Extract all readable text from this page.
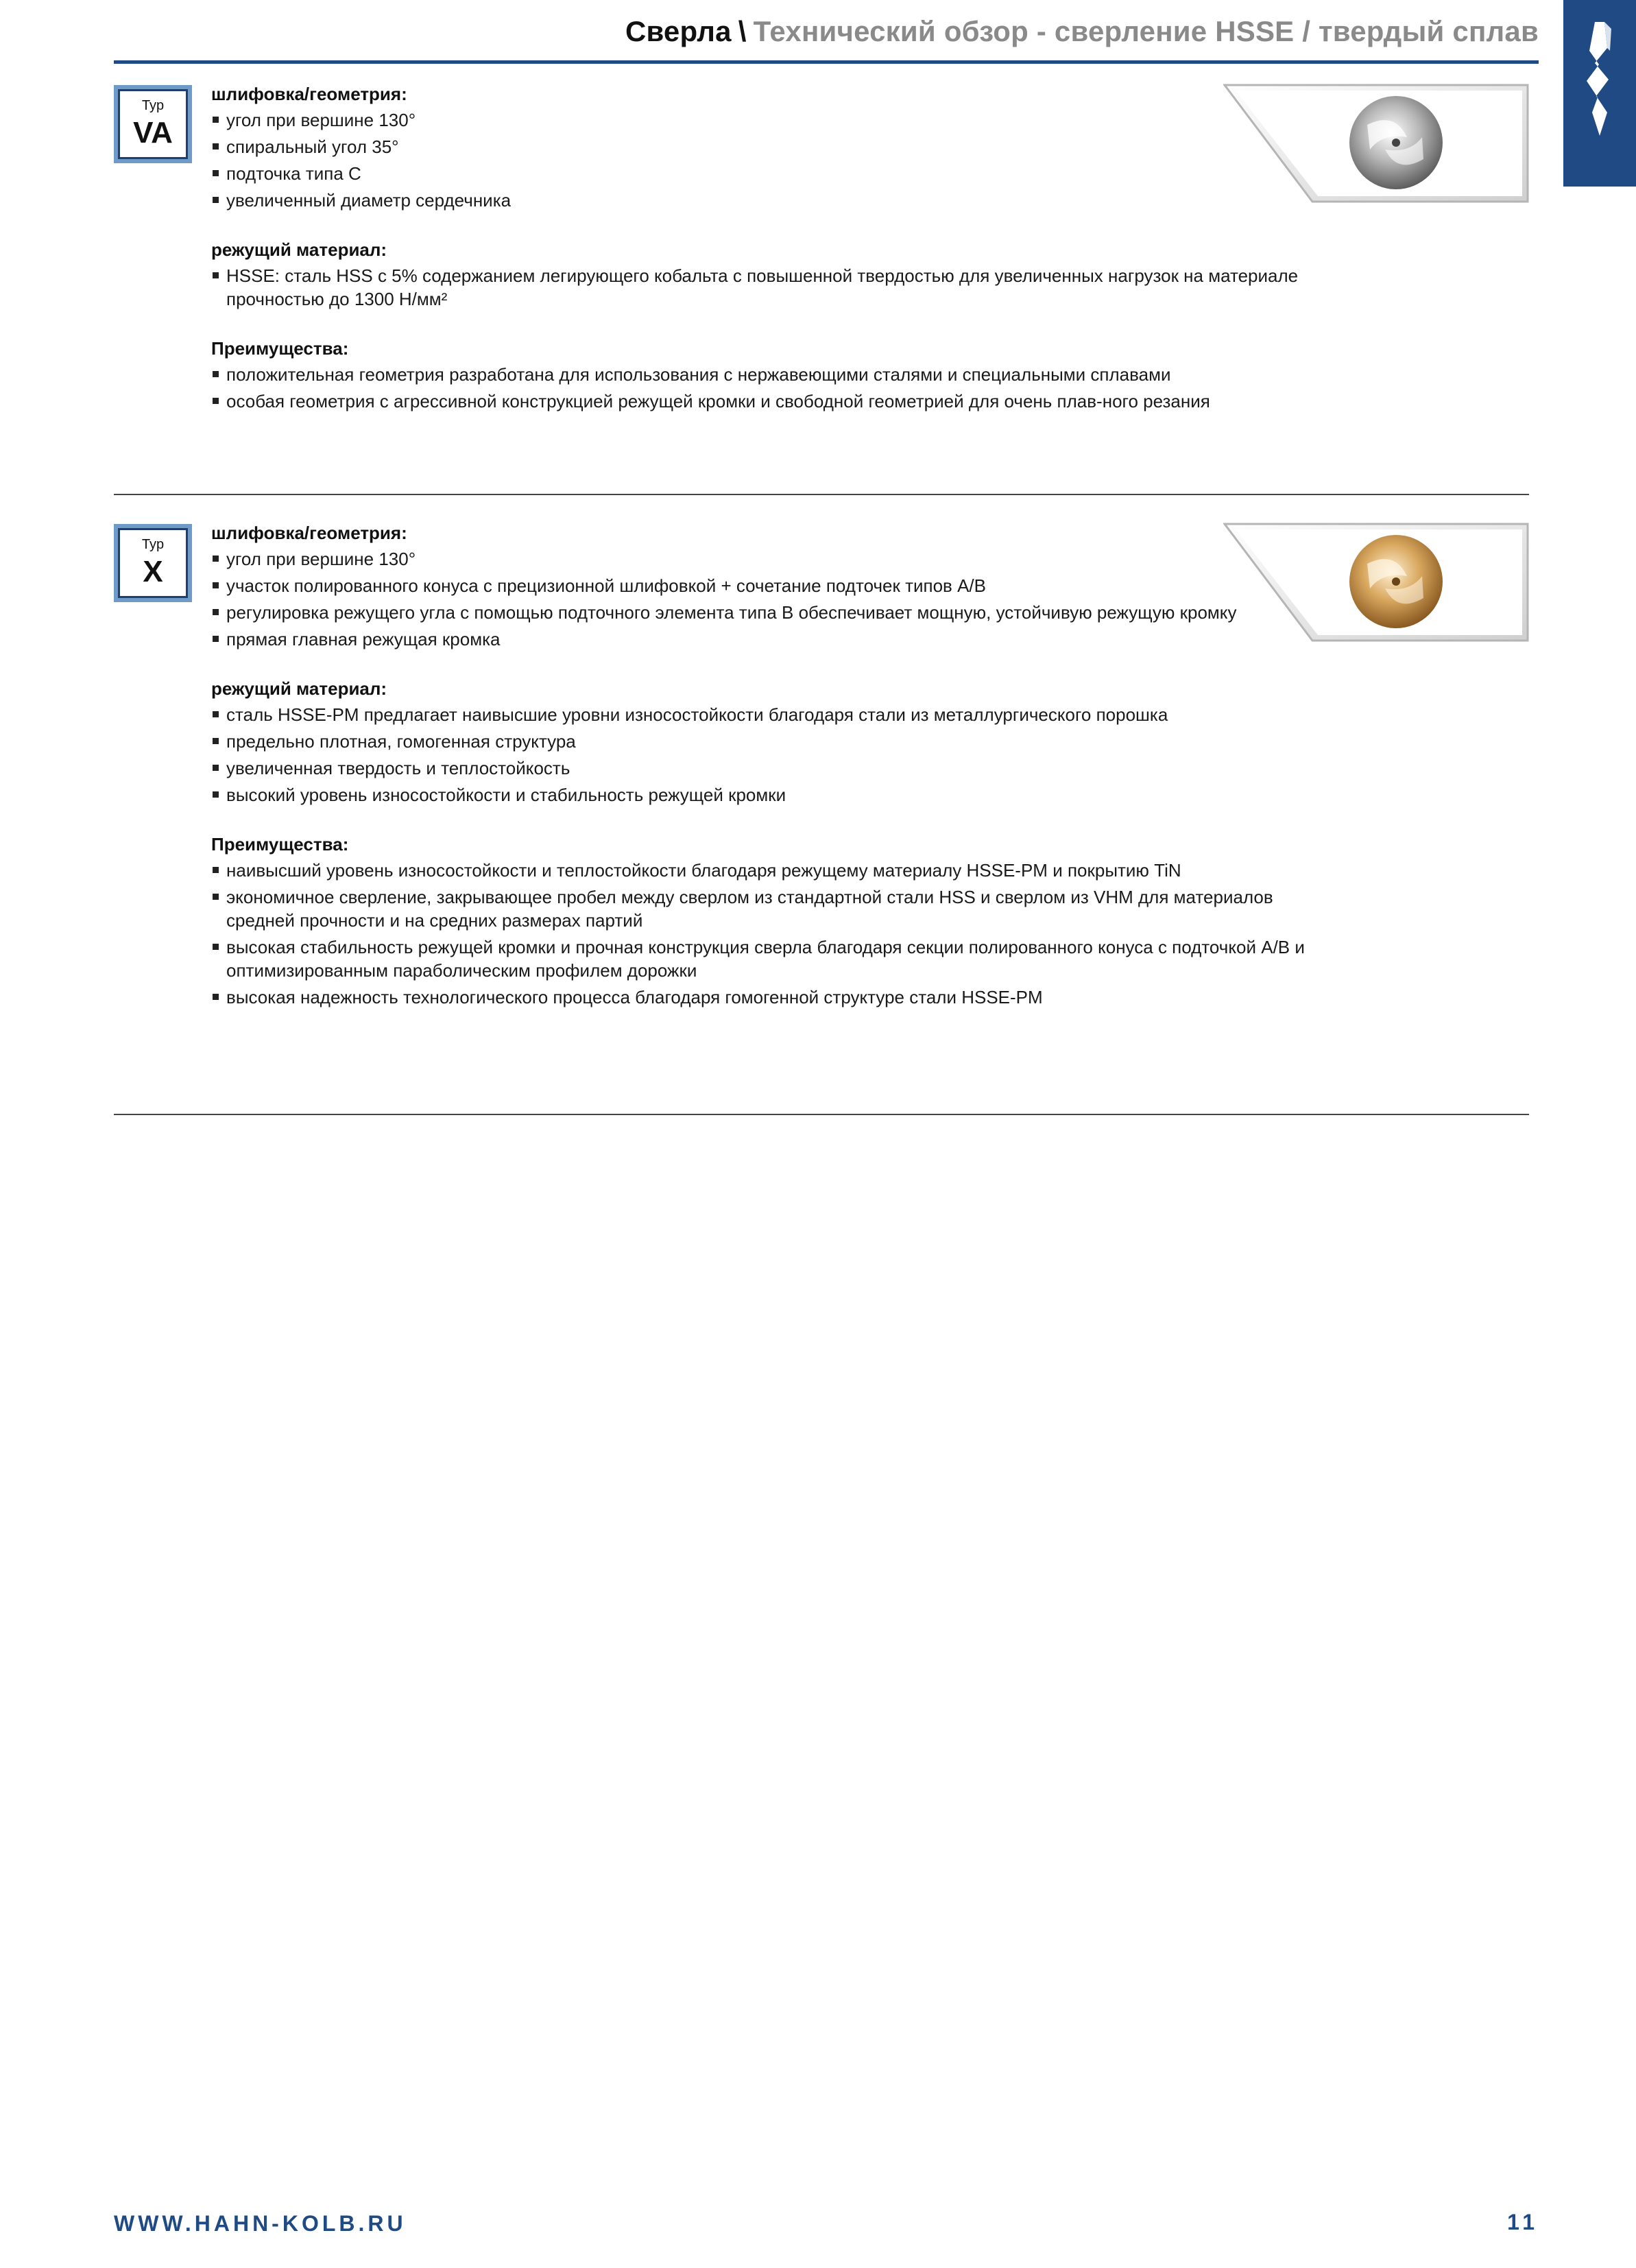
Сверла \ Технический обзор - сверление HSSE / твердый сплав
Typ
VA
шлифовка/геометрия:
угол при вершине 130°
спиральный угол 35°
подточка типа С
увеличенный диаметр сердечника
режущий материал:
HSSE: сталь HSS с 5% содержанием легирующего кобальта с повышенной твердостью для увеличенных нагрузок на материале прочностью до 1300 Н/мм²
Преимущества:
положительная геометрия разработана для использования с нержавеющими сталями и специальными сплавами
особая геометрия с агрессивной конструкцией режущей кромки и свободной геометрией для очень плав-ного резания
Typ
X
шлифовка/геометрия:
угол при вершине 130°
участок полированного конуса с прецизионной шлифовкой + сочетание подточек типов A/B
регулировка режущего угла с помощью подточного элемента типа B обеспечивает мощную, устойчивую режущую кромку
прямая главная режущая кромка
режущий материал:
сталь HSSE-PM предлагает наивысшие уровни износостойкости благодаря стали из металлургического порошка
предельно плотная, гомогенная структура
увеличенная твердость и теплостойкость
высокий уровень износостойкости и стабильность режущей кромки
Преимущества:
наивысший уровень износостойкости и теплостойкости благодаря режущему материалу HSSE-PM и покрытию TiN
экономичное сверление, закрывающее пробел между сверлом из стандартной стали HSS и сверлом из VHM для материалов средней прочности и на средних размерах партий
высокая стабильность режущей кромки и прочная конструкция сверла благодаря секции полированного конуса с подточкой A/B и оптимизированным параболическим профилем дорожки
высокая надежность технологического процесса благодаря гомогенной структуре стали HSSE-PM
WWW.HAHN-KOLB.RU	11
